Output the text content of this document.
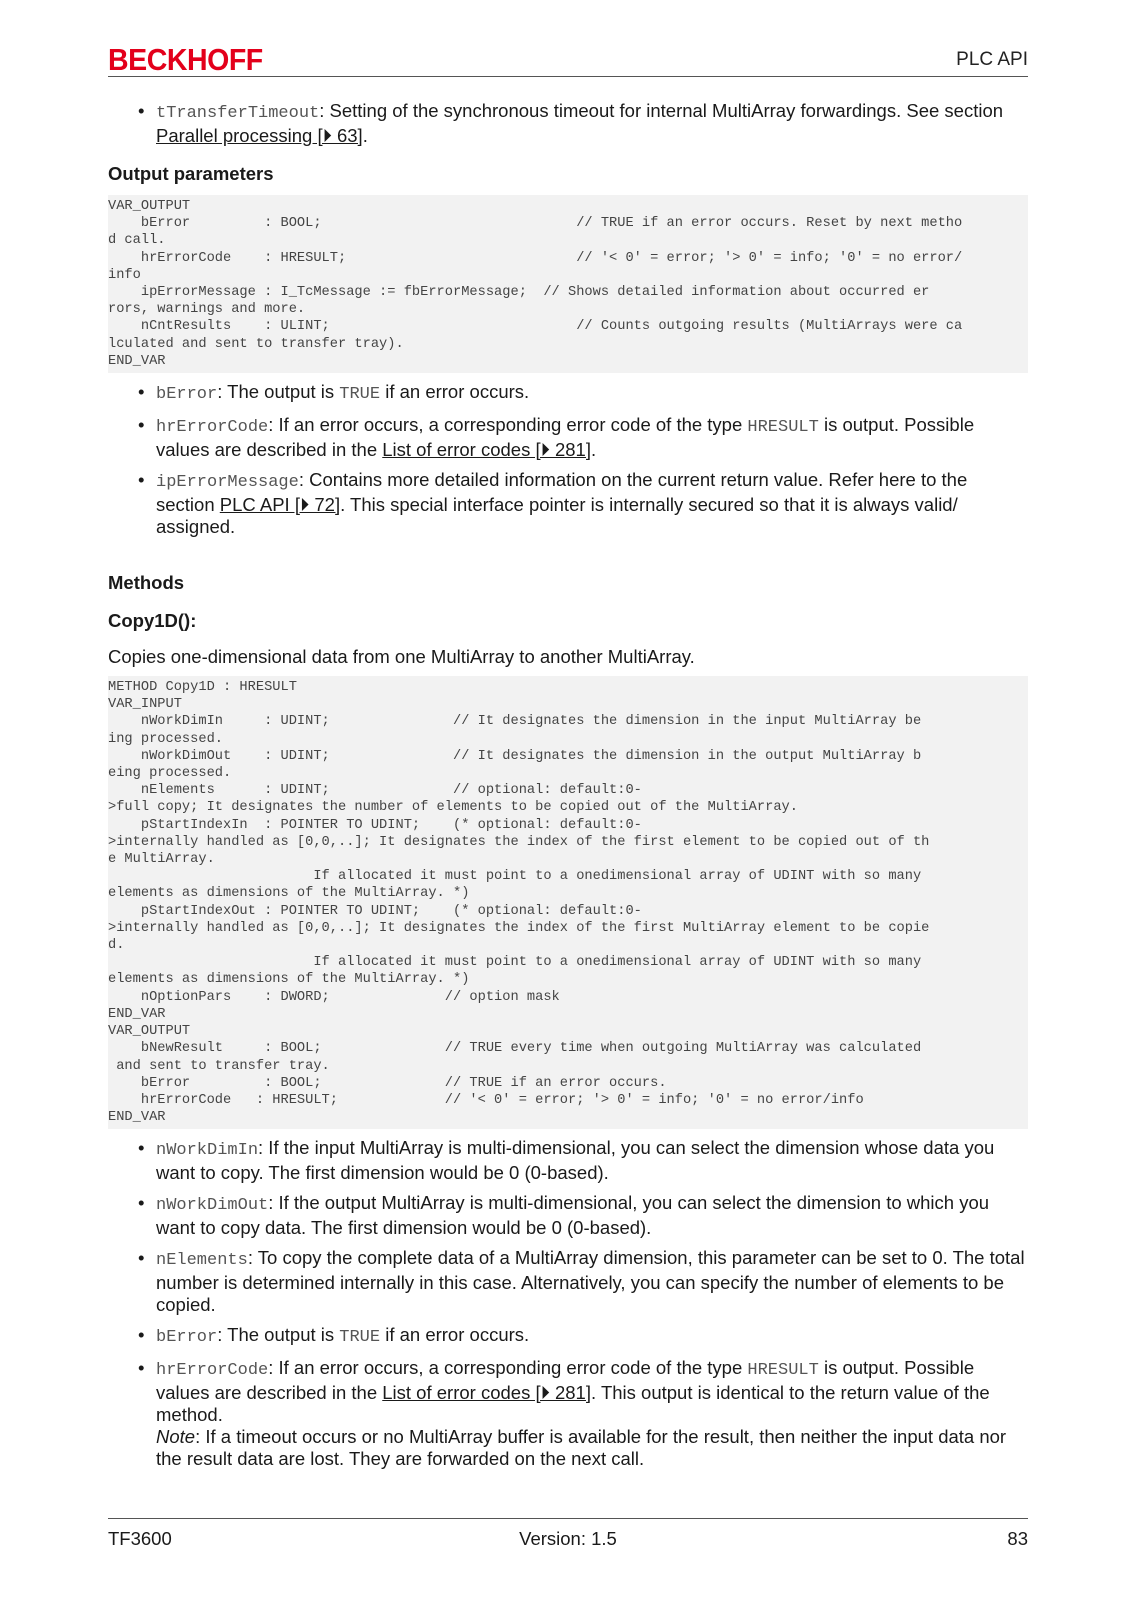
BECKHOFF	PLC API
• tTransferTimeout: Setting of the synchronous timeout for internal MultiArray forwardings. See section Parallel processing [⏵ 63].
Output parameters
VAR_OUTPUT
bError         : BOOL;                               // TRUE if an error occurs. Reset by next metho
d call.
hrErrorCode    : HRESULT;                            // '< 0' = error; '> 0' = info; '0' = no error/
info
ipErrorMessage : I_TcMessage := fbErrorMessage;  // Shows detailed information about occurred er
rors, warnings and more.
nCntResults    : ULINT;                              // Counts outgoing results (MultiArrays were ca
lculated and sent to transfer tray).
END_VAR
• bError: The output is TRUE if an error occurs.
• hrErrorCode: If an error occurs, a corresponding error code of the type HRESULT is output. Possible values are described in the List of error codes [⏵ 281].
• ipErrorMessage: Contains more detailed information on the current return value. Refer here to the section PLC API [⏵ 72]. This special interface pointer is internally secured so that it is always valid/ assigned.
Methods
Copy1D():
Copies one-dimensional data from one MultiArray to another MultiArray.
METHOD Copy1D : HRESULT
VAR_INPUT
nWorkDimIn     : UDINT;               // It designates the dimension in the input MultiArray be
ing processed.
nWorkDimOut    : UDINT;               // It designates the dimension in the output MultiArray b
eing processed.
nElements      : UDINT;               // optional: default:0-
>full copy; It designates the number of elements to be copied out of the MultiArray.
pStartIndexIn  : POINTER TO UDINT;    (* optional: default:0-
>internally handled as [0,0,..]; It designates the index of the first element to be copied out of th
e MultiArray.
If allocated it must point to a onedimensional array of UDINT with so many
elements as dimensions of the MultiArray. *)
pStartIndexOut : POINTER TO UDINT;    (* optional: default:0-
>internally handled as [0,0,..]; It designates the index of the first MultiArray element to be copie
d.
If allocated it must point to a onedimensional array of UDINT with so many
elements as dimensions of the MultiArray. *)
nOptionPars    : DWORD;              // option mask
END_VAR
VAR_OUTPUT
bNewResult     : BOOL;               // TRUE every time when outgoing MultiArray was calculated
and sent to transfer tray.
bError         : BOOL;               // TRUE if an error occurs.
hrErrorCode   : HRESULT;             // '< 0' = error; '> 0' = info; '0' = no error/info
END_VAR
• nWorkDimIn: If the input MultiArray is multi-dimensional, you can select the dimension whose data you want to copy. The first dimension would be 0 (0-based).
• nWorkDimOut: If the output MultiArray is multi-dimensional, you can select the dimension to which you want to copy data. The first dimension would be 0 (0-based).
• nElements: To copy the complete data of a MultiArray dimension, this parameter can be set to 0. The total number is determined internally in this case. Alternatively, you can specify the number of elements to be copied.
• bError: The output is TRUE if an error occurs.
• hrErrorCode: If an error occurs, a corresponding error code of the type HRESULT is output. Possible values are described in the List of error codes [⏵ 281]. This output is identical to the return value of the method.
Note: If a timeout occurs or no MultiArray buffer is available for the result, then neither the input data nor the result data are lost. They are forwarded on the next call.
TF3600	Version: 1.5	83
